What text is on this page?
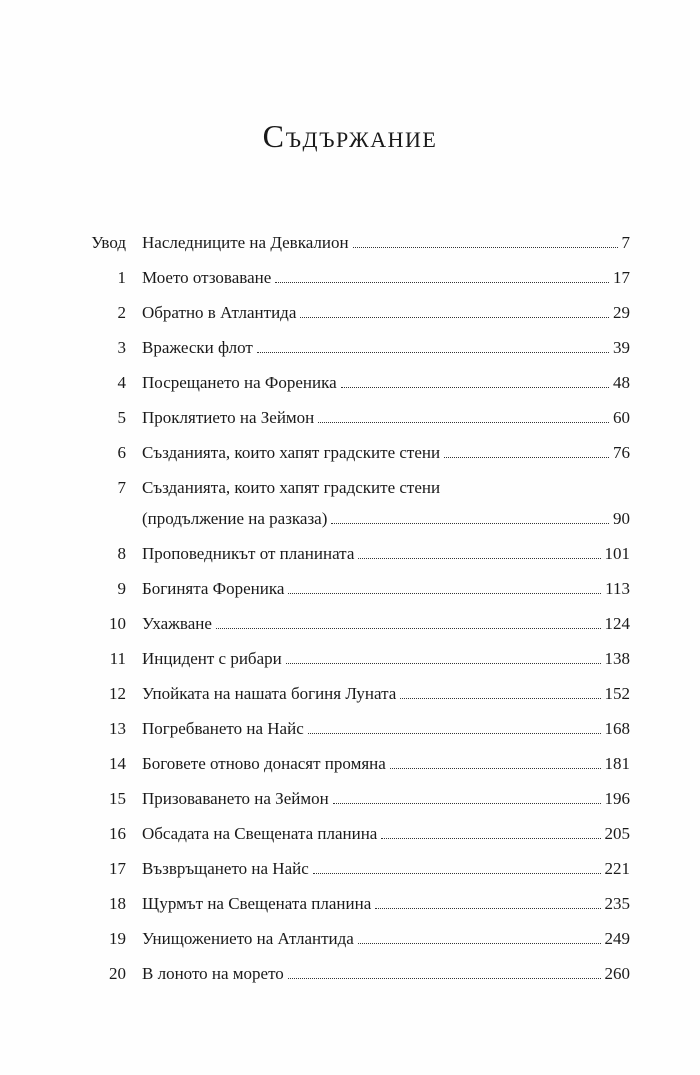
Съдържание
Увод Наследниците на Девкалион	7
1 Моето отзоваване	17
2 Обратно в Атлантида	29
3 Вражески флот	39
4 Посрещането на Фореника	48
5 Проклятието на Зеймон	60
6 Създанията, които хапят градските стени	76
7 Създанията, които хапят градските стени
(продължение на разказа)	90
8 Проповедникът от планината	101
9 Богинята Фореника	113
10 Ухажване	124
11 Инцидент с рибари	138
12 Упойката на нашата богиня Луната	152
13 Погребването на Найс	168
14 Боговете отново донасят промяна	181
15 Призоваването на Зеймон	196
16 Обсадата на Свещената планина	205
17 Възвръщането на Найс	221
18 Щурмът на Свещената планина	235
19 Унищожението на Атлантида	249
20 В лоното на морето	260
